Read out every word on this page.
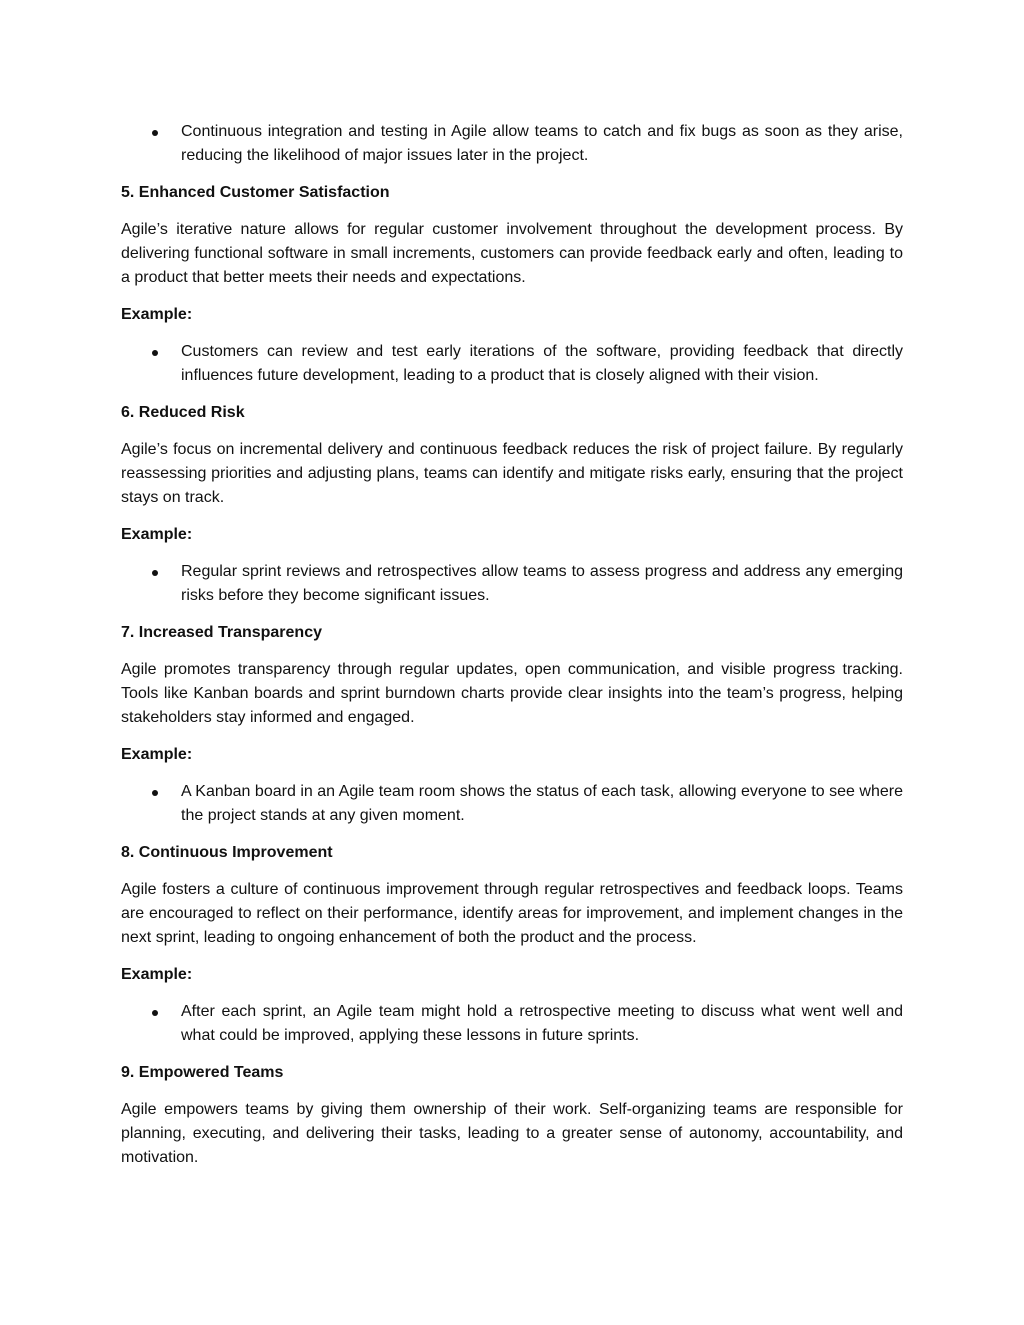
Continuous integration and testing in Agile allow teams to catch and fix bugs as soon as they arise, reducing the likelihood of major issues later in the project.
5. Enhanced Customer Satisfaction

Agile’s iterative nature allows for regular customer involvement throughout the development process. By delivering functional software in small increments, customers can provide feedback early and often, leading to a product that better meets their needs and expectations.

Example:
Customers can review and test early iterations of the software, providing feedback that directly influences future development, leading to a product that is closely aligned with their vision.
6. Reduced Risk

Agile’s focus on incremental delivery and continuous feedback reduces the risk of project failure. By regularly reassessing priorities and adjusting plans, teams can identify and mitigate risks early, ensuring that the project stays on track.

Example:
Regular sprint reviews and retrospectives allow teams to assess progress and address any emerging risks before they become significant issues.
7. Increased Transparency

Agile promotes transparency through regular updates, open communication, and visible progress tracking. Tools like Kanban boards and sprint burndown charts provide clear insights into the team’s progress, helping stakeholders stay informed and engaged.

Example:
A Kanban board in an Agile team room shows the status of each task, allowing everyone to see where the project stands at any given moment.
8. Continuous Improvement

Agile fosters a culture of continuous improvement through regular retrospectives and feedback loops. Teams are encouraged to reflect on their performance, identify areas for improvement, and implement changes in the next sprint, leading to ongoing enhancement of both the product and the process.

Example:
After each sprint, an Agile team might hold a retrospective meeting to discuss what went well and what could be improved, applying these lessons in future sprints.
9. Empowered Teams

Agile empowers teams by giving them ownership of their work. Self-organizing teams are responsible for planning, executing, and delivering their tasks, leading to a greater sense of autonomy, accountability, and motivation.
